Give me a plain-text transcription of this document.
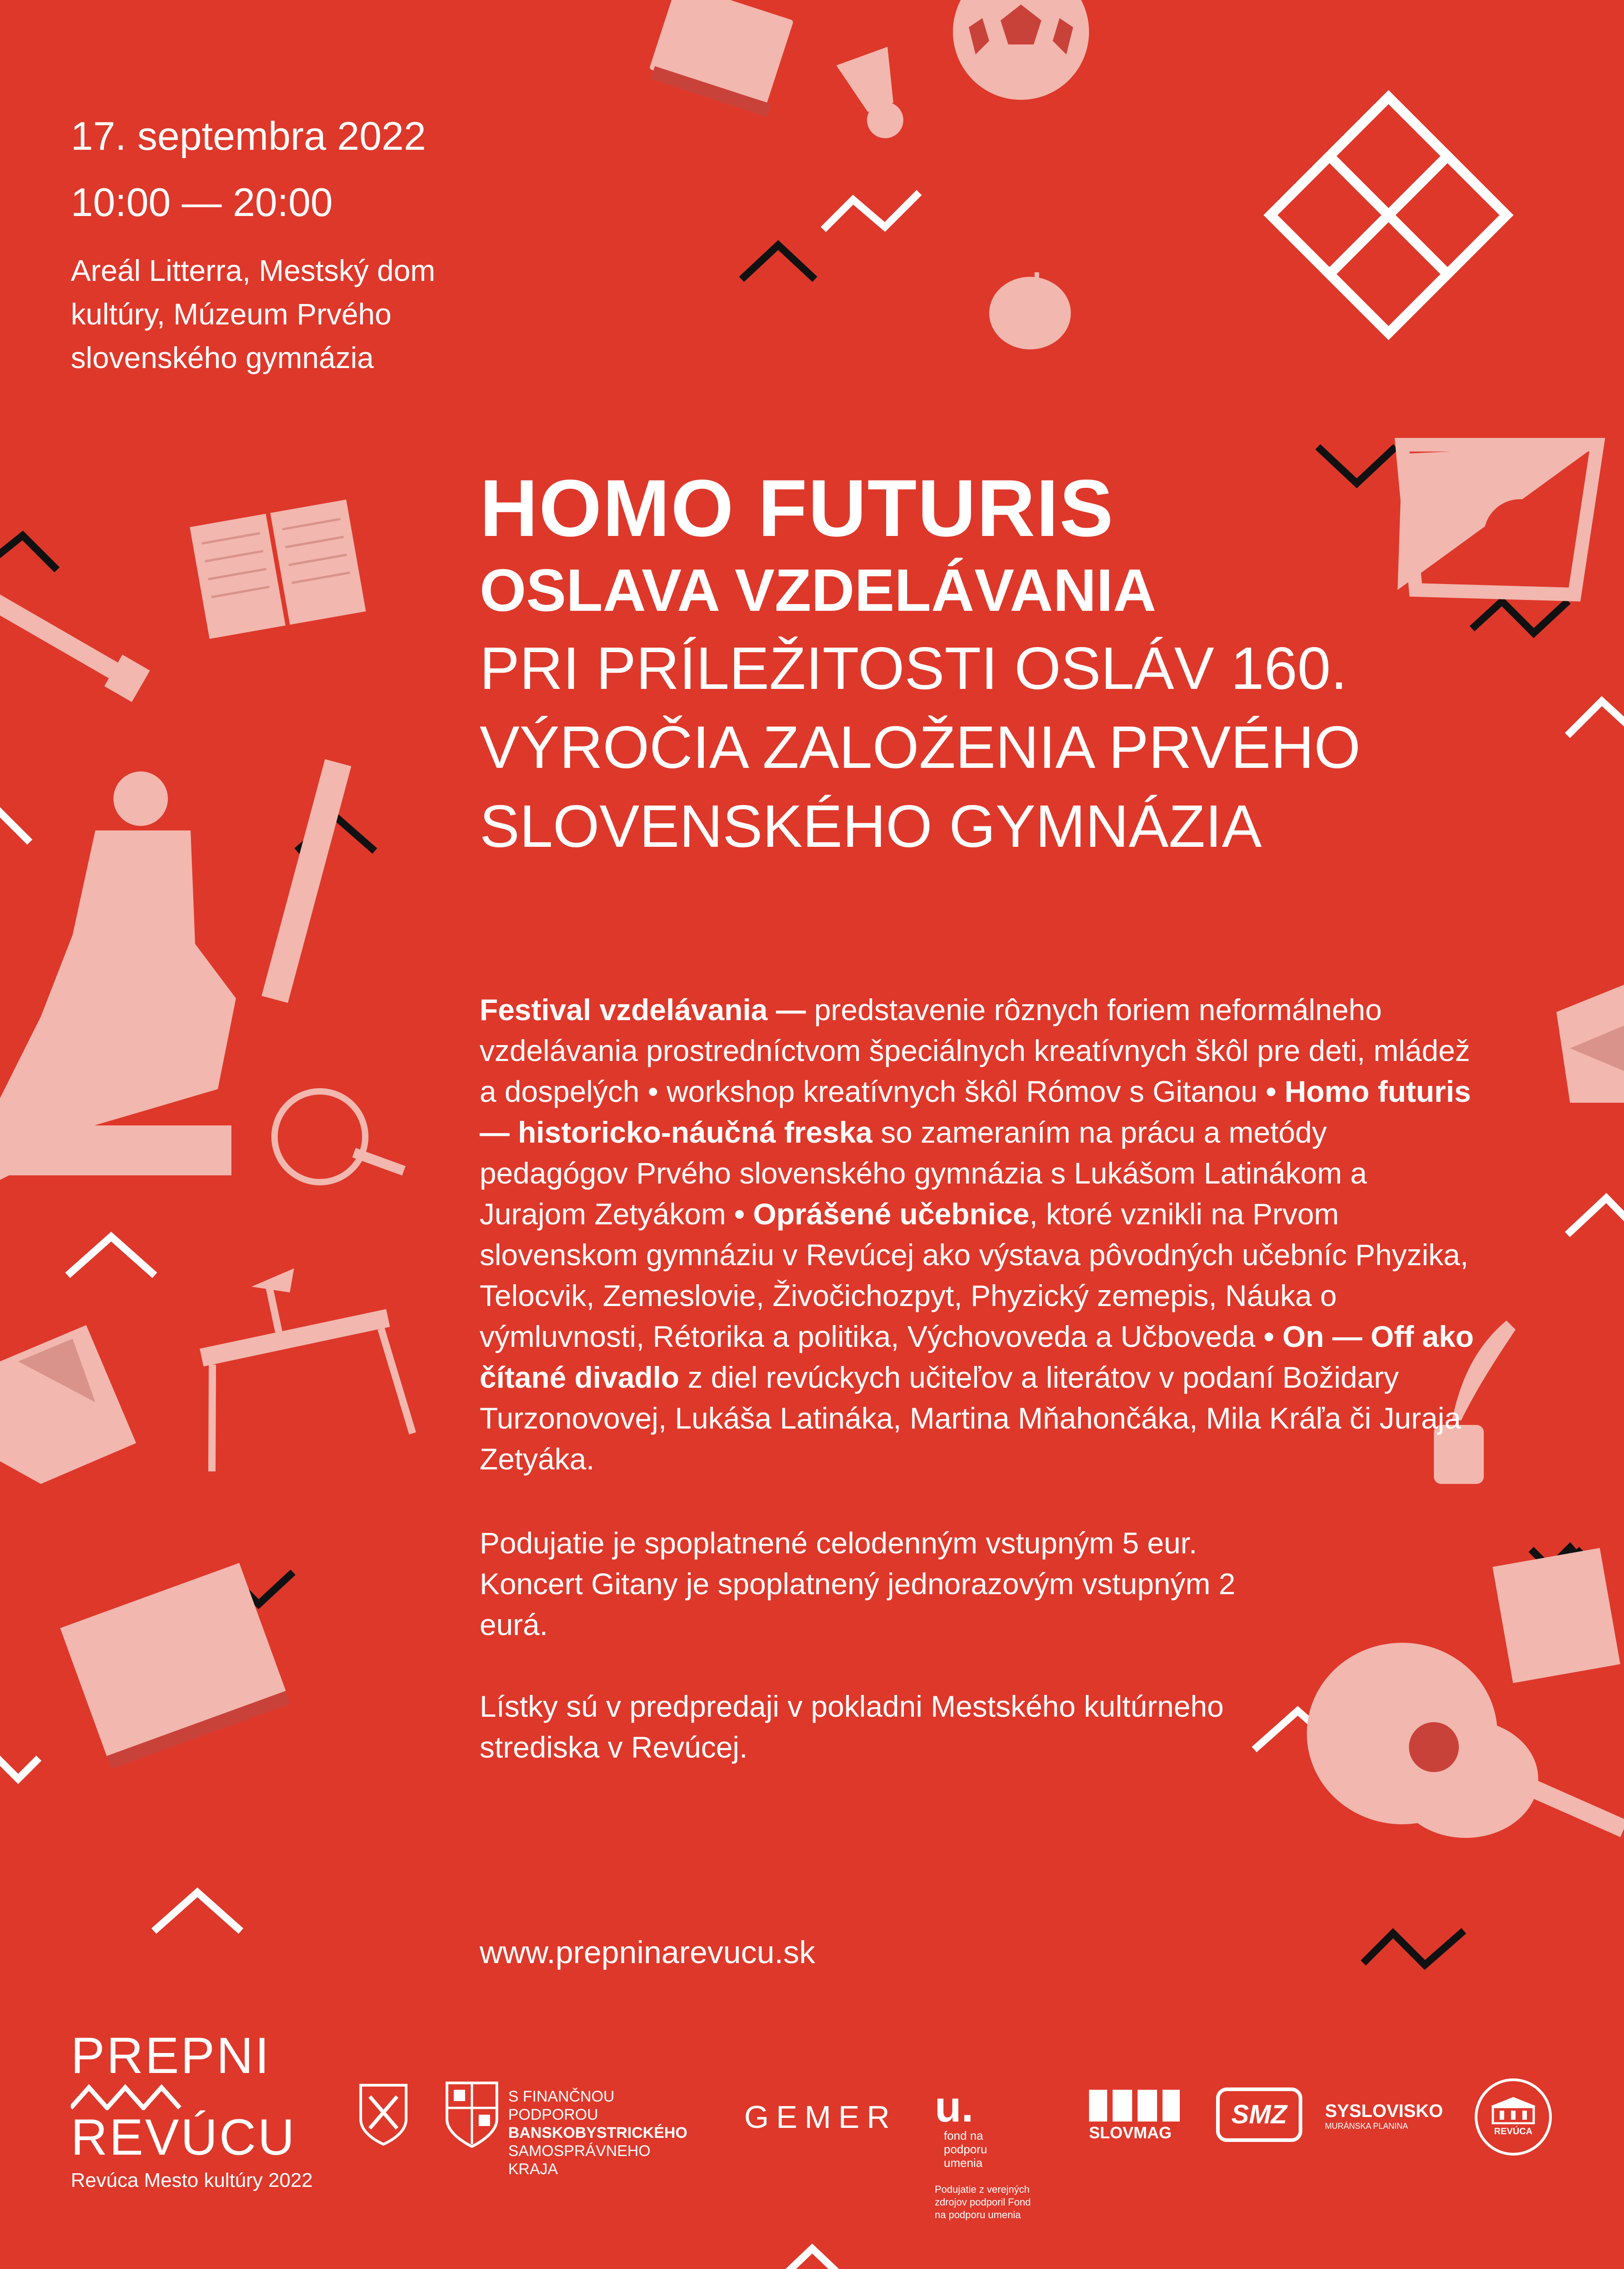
17. septembra 2022
10:00 — 20:00
Areál Litterra, Mestský dom kultúry, Múzeum Prvého slovenského gymnázia
HOMO FUTURIS
OSLAVA VZDELÁVANIA
PRI PRÍLEŽITOSTI OSLÁV 160.
VÝROČIA ZALOŽENIA PRVÉHO
SLOVENSKÉHO GYMNÁZIA
Festival vzdelávania — predstavenie rôznych foriem neformálneho vzdelávania prostredníctvom špeciálnych kreatívnych škôl pre deti, mládež a dospelých • workshop kreatívnych škôl Rómov s Gitanou • Homo futuris — historicko-náučná freska so zameraním na prácu a metódy pedagógov Prvého slovenského gymnázia s Lukášom Latinákom a Jurajom Zetyákom • Oprášené učebnice, ktoré vznikli na Prvom slovenskom gymnáziu v Revúcej ako výstava pôvodných učebníc Phyzika, Telocvik, Zemeslovie, Živočichozpyt, Phyzický zemepis, Náuka o výmluvnosti, Rétorika a politika, Výchovoveda a Učboveda • On — Off ako čítané divadlo z diel revúckych učiteľov a literátov v podaní Božidary Turzonovovej, Lukáša Latináka, Martina Mňahončáka, Mila Kráľa či Juraja Zetyáka.
Podujatie je spoplatnené celodenným vstupným 5 eur. Koncert Gitany je spoplatnený jednorazovým vstupným 2 eurá.
Lístky sú v predpredaji v pokladni Mestského kultúrneho strediska v Revúcej.
www.prepninarevucu.sk
PREPNI
REVÚCU
Revúca Mesto kultúry 2022
S FINANČNOU PODPOROU
BANSKOBYSTRICKÉHO
SAMOSPRÁVNEHO KRAJA
GEMER u. fond na podporu umenia
Podujatie z verejných zdrojov podporil Fond na podporu umenia
SLOVMAG
SMZ	SYSLOVISKO
MURÁNSKA PLANINA
REVÚCA
